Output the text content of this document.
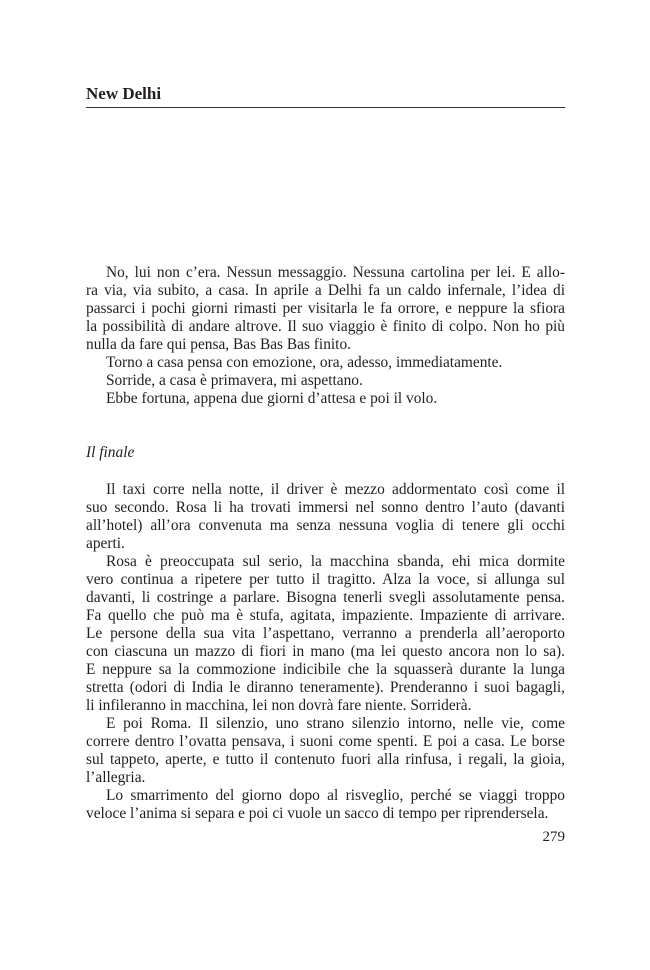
New Delhi
No, lui non c’era. Nessun messaggio. Nessuna cartolina per lei. E allo-
ra via, via subito, a casa. In aprile a Delhi fa un caldo infernale, l’idea di
passarci i pochi giorni rimasti per visitarla le fa orrore, e neppure la sfiora
la possibilità di andare altrove. Il suo viaggio è finito di colpo. Non ho più
nulla da fare qui pensa, Bas Bas Bas finito.
Torno a casa pensa con emozione, ora, adesso, immediatamente.
Sorride, a casa è primavera, mi aspettano.
Ebbe fortuna, appena due giorni d’attesa e poi il volo.
Il finale
Il taxi corre nella notte, il driver è mezzo addormentato così come il
suo secondo. Rosa li ha trovati immersi nel sonno dentro l’auto (davanti
all’hotel) all’ora convenuta ma senza nessuna voglia di tenere gli occhi
aperti.
Rosa è preoccupata sul serio, la macchina sbanda, ehi mica dormite
vero continua a ripetere per tutto il tragitto. Alza la voce, si allunga sul
davanti, li costringe a parlare. Bisogna tenerli svegli assolutamente pensa.
Fa quello che può ma è stufa, agitata, impaziente. Impaziente di arrivare.
Le persone della sua vita l’aspettano, verranno a prenderla all’aeroporto
con ciascuna un mazzo di fiori in mano (ma lei questo ancora non lo sa).
E neppure sa la commozione indicibile che la squasserà durante la lunga
stretta (odori di India le diranno teneramente). Prenderanno i suoi bagagli,
li infileranno in macchina, lei non dovrà fare niente. Sorriderà.
E poi Roma. Il silenzio, uno strano silenzio intorno, nelle vie, come
correre dentro l’ovatta pensava, i suoni come spenti. E poi a casa. Le borse
sul tappeto, aperte, e tutto il contenuto fuori alla rinfusa, i regali, la gioia,
l’allegria.
Lo smarrimento del giorno dopo al risveglio, perché se viaggi troppo
veloce l’anima si separa e poi ci vuole un sacco di tempo per riprendersela.
279
